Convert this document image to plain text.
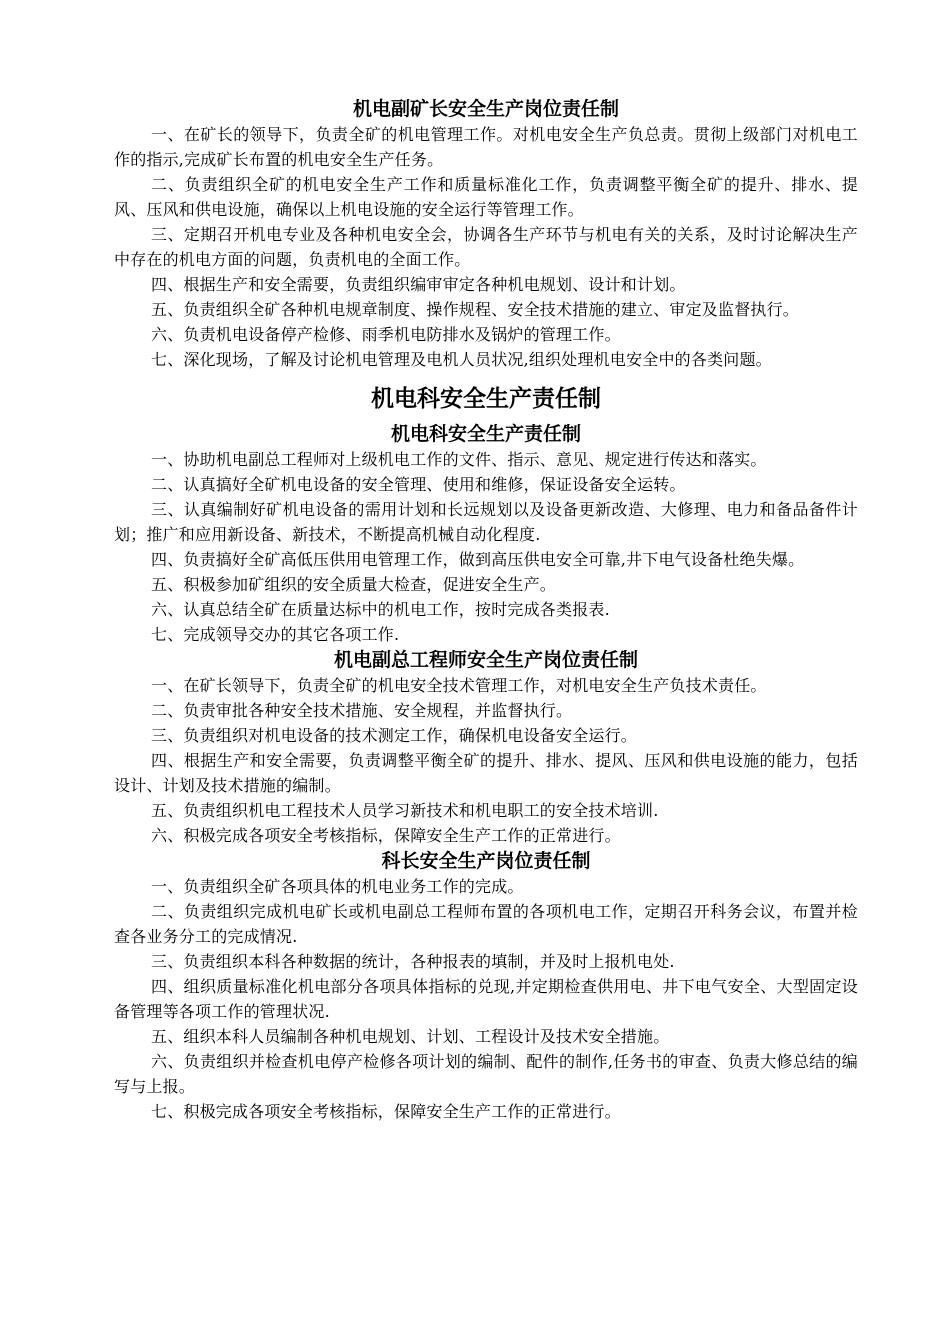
机电副矿长安全生产岗位责任制

一、在矿长的领导下，负责全矿的机电管理工作。对机电安全生产负总责。贯彻上级部门对机电工作的指示,完成矿长布置的机电安全生产任务。

二、负责组织全矿的机电安全生产工作和质量标准化工作，负责调整平衡全矿的提升、排水、提风、压风和供电设施，确保以上机电设施的安全运行等管理工作。

三、定期召开机电专业及各种机电安全会，协调各生产环节与机电有关的关系，及时讨论解决生产中存在的机电方面的问题，负责机电的全面工作。

四、根据生产和安全需要，负责组织编审审定各种机电规划、设计和计划。

五、负责组织全矿各种机电规章制度、操作规程、安全技术措施的建立、审定及监督执行。

六、负责机电设备停产检修、雨季机电防排水及锅炉的管理工作。

七、深化现场，了解及讨论机电管理及电机人员状况,组织处理机电安全中的各类问题。

机电科安全生产责任制
机电科安全生产责任制

一、协助机电副总工程师对上级机电工作的文件、指示、意见、规定进行传达和落实。

二、认真搞好全矿机电设备的安全管理、使用和维修，保证设备安全运转。

三、认真编制好矿机电设备的需用计划和长远规划以及设备更新改造、大修理、电力和备品备件计划；推广和应用新设备、新技术，不断提高机械自动化程度.

四、负责搞好全矿高低压供用电管理工作，做到高压供电安全可靠,井下电气设备杜绝失爆。

五、积极参加矿组织的安全质量大检查，促进安全生产。

六、认真总结全矿在质量达标中的机电工作，按时完成各类报表.

七、完成领导交办的其它各项工作.

机电副总工程师安全生产岗位责任制

一、在矿长领导下，负责全矿的机电安全技术管理工作，对机电安全生产负技术责任。

二、负责审批各种安全技术措施、安全规程，并监督执行。

三、负责组织对机电设备的技术测定工作，确保机电设备安全运行。

四、根据生产和安全需要，负责调整平衡全矿的提升、排水、提风、压风和供电设施的能力，包括设计、计划及技术措施的编制。

五、负责组织机电工程技术人员学习新技术和机电职工的安全技术培训.

六、积极完成各项安全考核指标，保障安全生产工作的正常进行。

科长安全生产岗位责任制

一、负责组织全矿各项具体的机电业务工作的完成。

二、负责组织完成机电矿长或机电副总工程师布置的各项机电工作，定期召开科务会议，布置并检查各业务分工的完成情况.

三、负责组织本科各种数据的统计，各种报表的填制，并及时上报机电处.

四、组织质量标准化机电部分各项具体指标的兑现,并定期检查供用电、井下电气安全、大型固定设备管理等各项工作的管理状况.

五、组织本科人员编制各种机电规划、计划、工程设计及技术安全措施。

六、负责组织并检查机电停产检修各项计划的编制、配件的制作,任务书的审查、负责大修总结的编写与上报。

七、积极完成各项安全考核指标，保障安全生产工作的正常进行。
